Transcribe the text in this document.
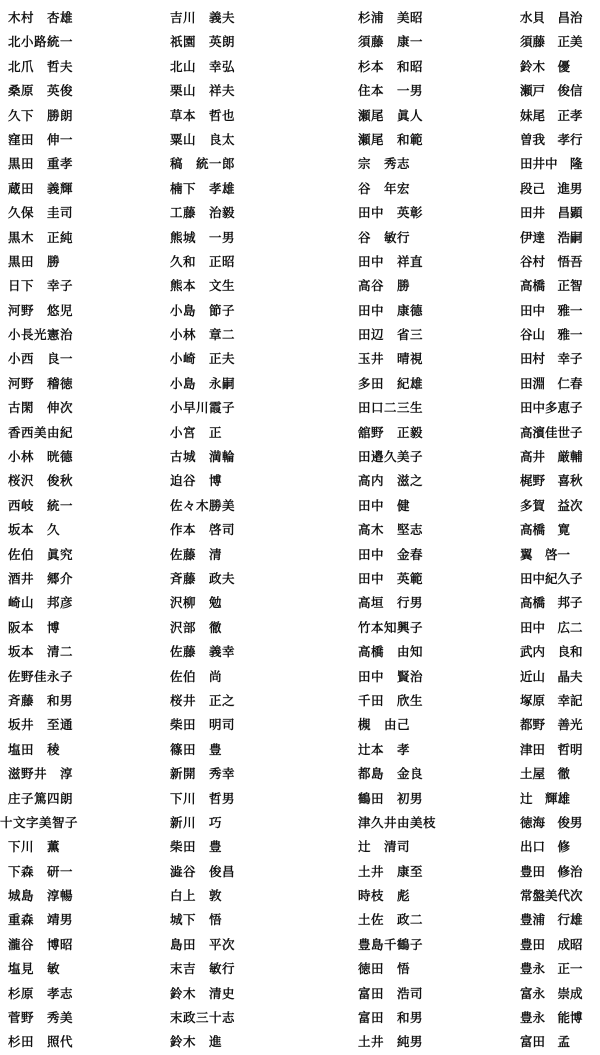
木村　杏雄
北小路統一
北爪　哲夫
桑原　英俊
久下　勝朗
窪田　伸一
黒田　重孝
蔵田　義輝
久保　圭司
黒木　正純
黒田　勝
日下　幸子
河野　悠児
小長光憲治
小西　良一
河野　稽徳
古閑　伸次
香西美由紀
小林　晄德
桜沢　俊秋
西岐　統一
坂本　久
佐伯　眞究
酒井　郷介
崎山　邦彦
阪本　博
坂本　清二
佐野佳永子
斉藤　和男
坂井　至通
塩田　稜
滋野井　淳
庄子篤四朗
十文字美智子
下川　薫
下森　研一
城島　淳暢
重森　靖男
瀧谷　博昭
塩見　敏
杉原　孝志
菅野　秀美
杉田　照代
吉川　義夫
祇園　英朗
北山　幸弘
栗山　祥夫
草本　哲也
粟山　良太
稿　統一郎
楠下　孝雄
工藤　治毅
熊城　一男
久和　正昭
熊本　文生
小島　節子
小林　章二
小崎　正夫
小島　永嗣
小早川霞子
小宮　正
古城　満輪
迫谷　博
佐々木勝美
作本　啓司
佐藤　清
斉藤　政夫
沢柳　勉
沢部　徹
佐藤　義幸
佐伯　尚
桜井　正之
柴田　明司
篠田　豊
新開　秀幸
下川　哲男
新川　巧
柴田　豊
澁谷　俊昌
白上　敦
城下　悟
島田　平次
末吉　敏行
鈴木　清史
末政三十志
鈴木　進
杉浦　美昭
須藤　康一
杉本　和昭
住本　一男
瀬尾　眞人
瀬尾　和範
宗　秀志
谷　年宏
田中　英彰
谷　敏行
田中　祥直
高谷　勝
田中　康德
田辺　省三
玉井　晴視
多田　紀雄
田口二三生
舘野　正毅
田邉久美子
高内　滋之
田中　健
高木　堅志
田中　金春
田中　英範
高垣　行男
竹本知興子
高橋　由知
田中　賢治
千田　欣生
槻　由己
辻本　孝
都島　金良
鶴田　初男
津久井由美枝
辻　清司
土井　康至
時枝　彪
土佐　政二
豊島千鶴子
徳田　悟
富田　浩司
富田　和男
土井　純男
水貝　昌治
須藤　正美
鈴木　優
瀬戸　俊信
妹尾　正孝
曽我　孝行
田井中　隆
段己　進男
田井　昌顕
伊達　浩嗣
谷村　悟吾
高橋　正智
田中　雅一
谷山　雅一
田村　幸子
田淵　仁春
田中多恵子
高濱佳世子
高井　厳輔
梶野　喜秋
多賀　益次
高橋　寛
翼　啓一
田中紀久子
高橋　邦子
田中　広二
武内　良和
近山　晶夫
塚原　幸記
都野　善光
津田　哲明
土屋　徹
辻　輝雄
徳海　俊男
出口　修
豊田　修治
常盤美代次
豊浦　行雄
豊田　成昭
豊永　正一
富永　崇成
豊永　能博
富田　孟
